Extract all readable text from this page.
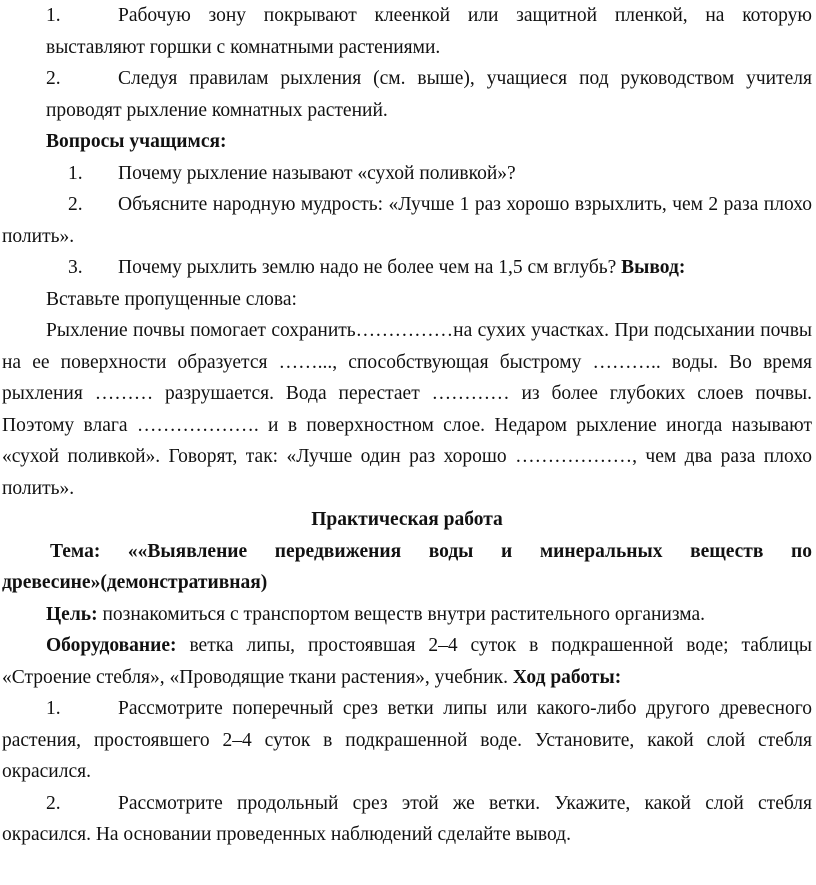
1.	Рабочую зону покрывают клеенкой или защитной пленкой, на которую выставляют горшки с комнатными растениями.

2.	Следуя правилам рыхления (см. выше), учащиеся под руководством учителя проводят рыхление комнатных растений.

Вопросы учащимся:

1. Почему рыхление называют «сухой поливкой»?

2. Объясните народную мудрость: «Лучше 1 раз хорошо взрыхлить, чем 2 раза плохо полить».

3. Почему рыхлить землю надо не более чем на 1,5 см вглубь? Вывод:

Вставьте пропущенные слова:

Рыхление почвы помогает сохранить……………на сухих участках. При подсыхании почвы на ее поверхности образуется ……..., способствующая быстрому ……….. воды. Во время рыхления ……… разрушается. Вода перестает ………… из более глубоких слоев почвы. Поэтому влага ………………. и в поверхностном слое. Недаром рыхление иногда называют «сухой поливкой». Говорят, так: «Лучше один раз хорошо ………………, чем два раза плохо полить».

Практическая работа

Тема: ««Выявление передвижения воды и минеральных веществ по древесине»(демонстративная)

Цель: познакомиться с транспортом веществ внутри растительного организма.

Оборудование: ветка липы, простоявшая 2–4 суток в подкрашенной воде; таблицы «Строение стебля», «Проводящие ткани растения», учебник. Ход работы:

1.	Рассмотрите поперечный срез ветки липы или какого-либо другого древесного растения, простоявшего 2–4 суток в подкрашенной воде. Установите, какой слой стебля окрасился.

2.	Рассмотрите продольный срез этой же ветки. Укажите, какой слой стебля окрасился. На основании проведенных наблюдений сделайте вывод.
